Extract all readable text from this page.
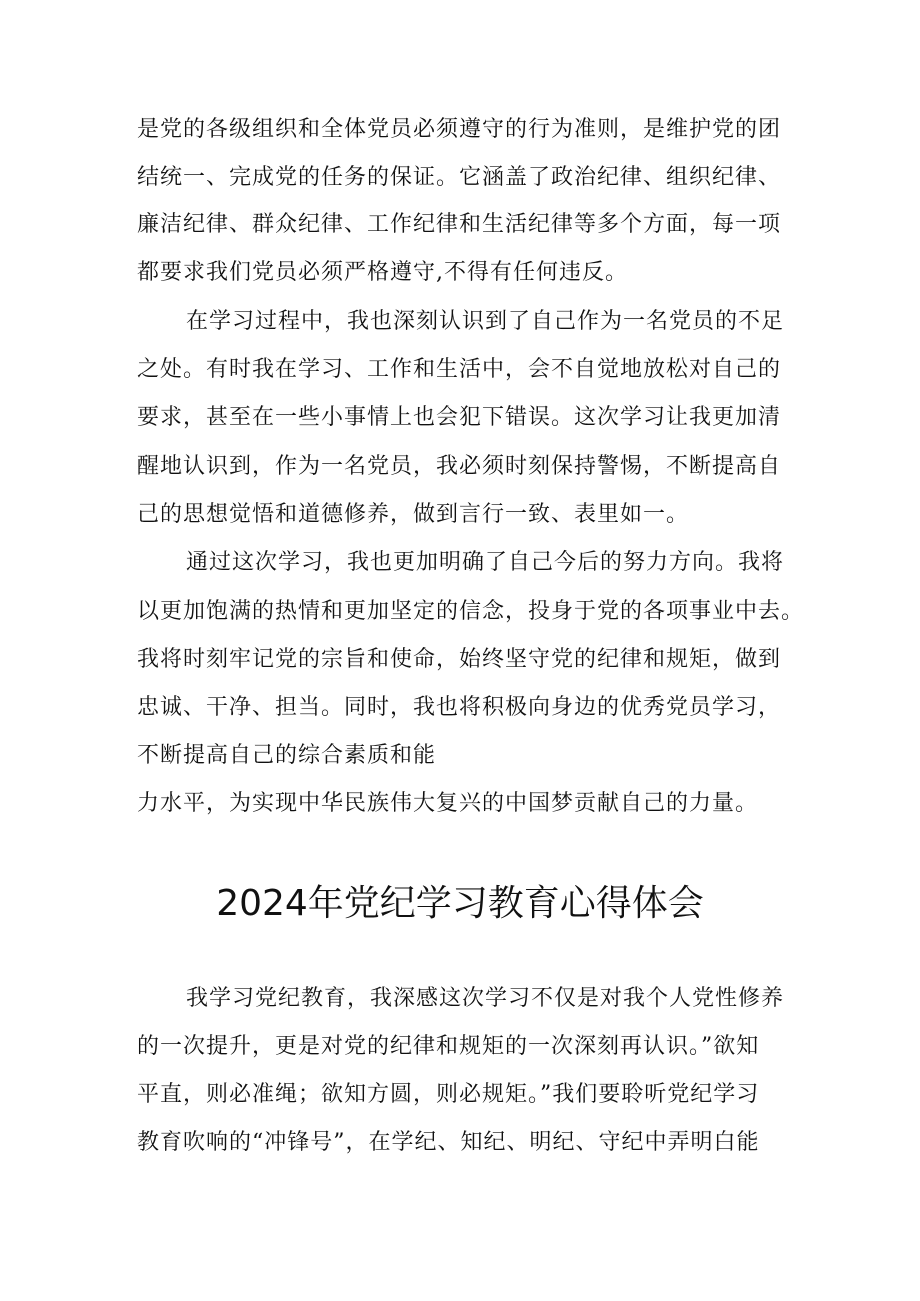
是党的各级组织和全体党员必须遵守的行为准则，是维护党的团

结统一、完成党的任务的保证。它涵盖了政治纪律、组织纪律、

廉洁纪律、群众纪律、工作纪律和生活纪律等多个方面，每一项

都要求我们党员必须严格遵守,不得有任何违反。

在学习过程中，我也深刻认识到了自己作为一名党员的不足

之处。有时我在学习、工作和生活中，会不自觉地放松对自己的

要求，甚至在一些小事情上也会犯下错误。这次学习让我更加清

醒地认识到，作为一名党员，我必须时刻保持警惕，不断提高自

己的思想觉悟和道德修养，做到言行一致、表里如一。

通过这次学习，我也更加明确了自己今后的努力方向。我将

以更加饱满的热情和更加坚定的信念，投身于党的各项事业中去。

我将时刻牢记党的宗旨和使命，始终坚守党的纪律和规矩，做到

忠诚、干净、担当。同时，我也将积极向身边的优秀党员学习，

不断提高自己的综合素质和能

力水平，为实现中华民族伟大复兴的中国梦贡献自己的力量。

2024年党纪学习教育心得体会

我学习党纪教育，我深感这次学习不仅是对我个人党性修养

的一次提升，更是对党的纪律和规矩的一次深刻再认识。”欲知

平直，则必准绳；欲知方圆，则必规矩。”我们要聆听党纪学习

教育吹响的“冲锋号”，在学纪、知纪、明纪、守纪中弄明白能
